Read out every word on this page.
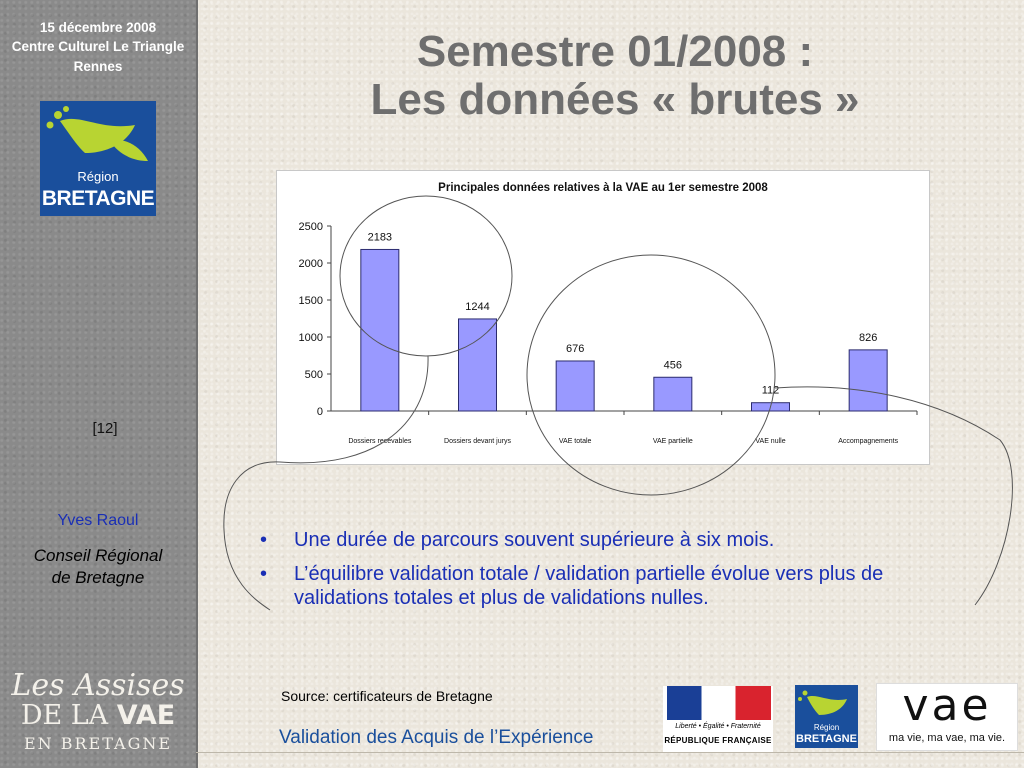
15 décembre 2008
Centre Culturel Le Triangle
Rennes
Région
BRETAGNE
[12]
Yves Raoul
Conseil Régional
de Bretagne
Les Assises
DE LA VAE
EN BRETAGNE
Semestre 01/2008 :
Les données « brutes »
Principales données relatives à la VAE au 1er semestre 2008
0
500
1000
1500
2000
2500
Dossiers recevables	Dossiers devant jurys	VAE totale	VAE partielle	VAE nulle	Accompagnements
2183
1244
676
456
112
826
• Une durée de parcours souvent supérieure à six mois.
• L’équilibre validation totale / validation partielle évolue vers plus de validations totales et plus de validations nulles.
Source: certificateurs de Bretagne
Validation des Acquis de l’Expérience
Liberté • Égalité • Fraternité
RÉPUBLIQUE FRANÇAISE
Région
BRETAGNE
vae
ma vie, ma vae, ma vie.
